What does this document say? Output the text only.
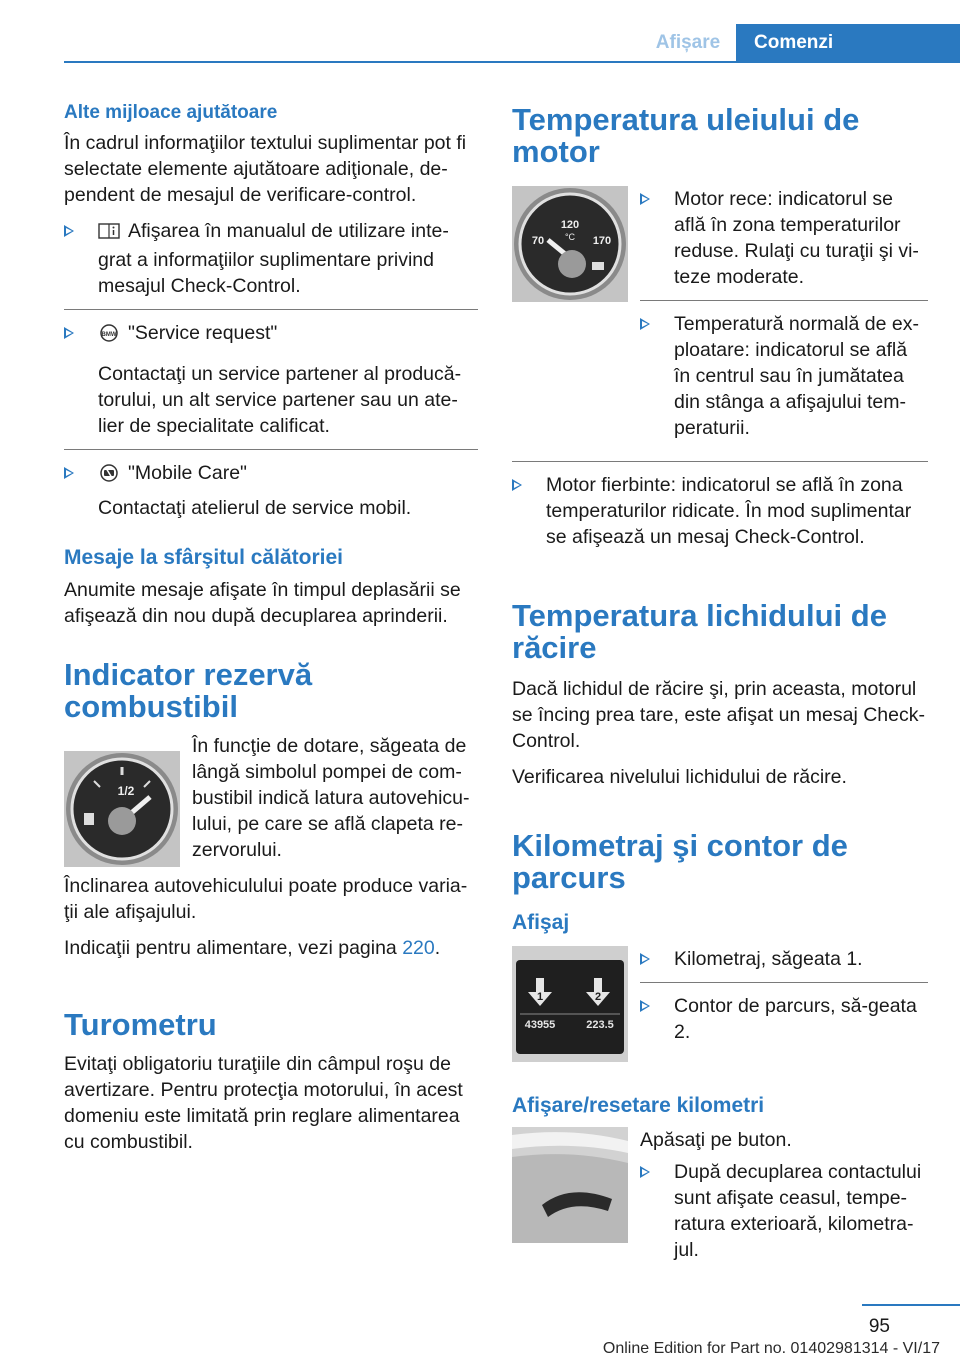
Afișare	Comenzi
Alte mijloace ajutătoare

În cadrul informaţiilor textului suplimentar pot fi selectate elemente ajutătoare adiţionale, de-pendent de mesajul de verificare-control.

Afişarea în manualul de utilizare inte-grat a informaţiilor suplimentare privind mesajul Check-Control.
BMW "Service request"
Contactaţi un service partener al producă-torului, un alt service partener sau un ate-lier de specialitate calificat.
"Mobile Care"
Contactaţi atelierul de service mobil.
Mesaje la sfârşitul călătoriei

Anumite mesaje afişate în timpul deplasării se afişează din nou după decuplarea aprinderii.

Indicator rezervă combustibil
1/2
În funcţie de dotare, săgeata de lângă simbolul pompei de com-bustibil indică latura autovehicu-lului, pe care se află clapeta re-zervorului.

Înclinarea autovehiculului poate produce varia-ţii ale afişajului.

Indicaţii pentru alimentare, vezi pagina 220.

Turometru

Evitaţi obligatoriu turaţiile din câmpul roşu de avertizare. Pentru protecţia motorului, în acest domeniu este limitată prin reglare alimentarea cu combustibil.

Temperatura uleiului de motor
120
°C
70	170
Motor rece: indicatorul se află în zona temperaturilor reduse. Rulaţi cu turaţii şi vi-teze moderate.
Temperatură normală de ex-ploatare: indicatorul se află în centrul sau în jumătatea din stânga a afişajului tem-peraturii.
Motor fierbinte: indicatorul se află în zona temperaturilor ridicate. În mod suplimentar se afişează un mesaj Check-Control.
Temperatura lichidului de răcire

Dacă lichidul de răcire şi, prin aceasta, motorul se încing prea tare, este afişat un mesaj Check-Control.

Verificarea nivelului lichidului de răcire.

Kilometraj şi contor de parcurs
Afişaj
1	2
43955	223.5
Kilometraj, săgeata 1.
Contor de parcurs, să-geata 2.
Afişare/resetare kilometri

Apăsaţi pe buton.

După decuplarea contactului sunt afişate ceasul, tempe-ratura exterioară, kilometra-jul.
95
Online Edition for Part no. 01402981314 - VI/17
